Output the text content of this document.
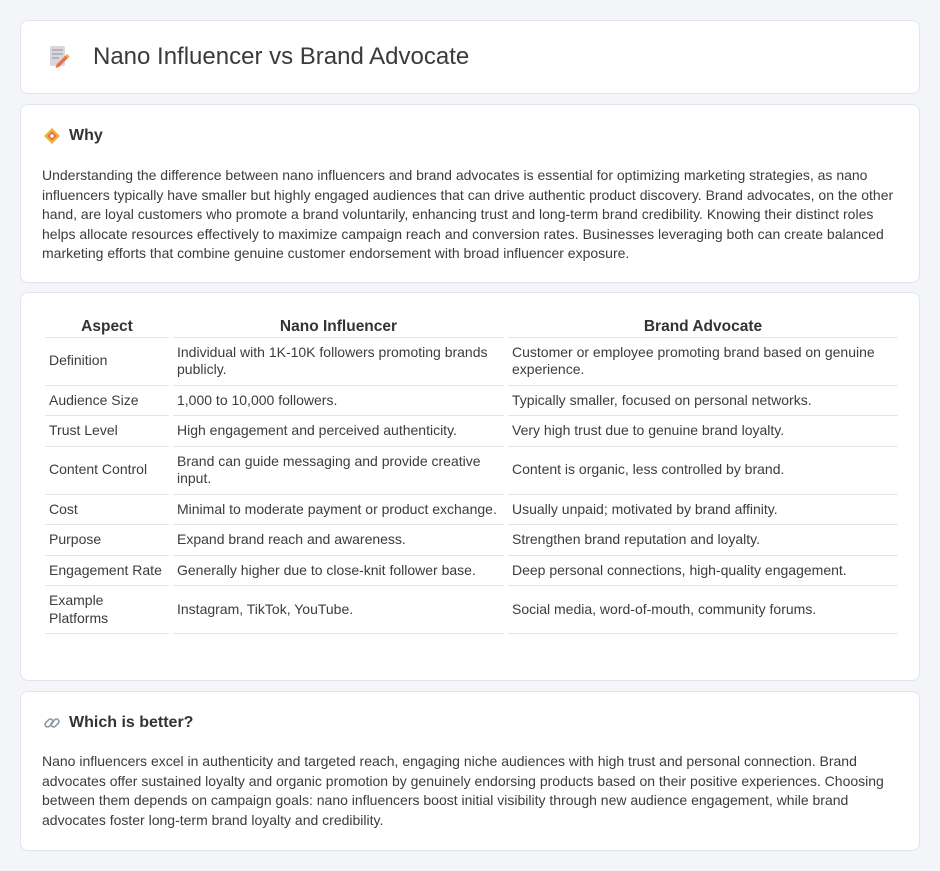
Nano Influencer vs Brand Advocate
Why

Understanding the difference between nano influencers and brand advocates is essential for optimizing marketing strategies, as nano influencers typically have smaller but highly engaged audiences that can drive authentic product discovery. Brand advocates, on the other hand, are loyal customers who promote a brand voluntarily, enhancing trust and long-term brand credibility. Knowing their distinct roles helps allocate resources effectively to maximize campaign reach and conversion rates. Businesses leveraging both can create balanced marketing efforts that combine genuine customer endorsement with broad influencer exposure.

Aspect	Nano Influencer	Brand Advocate
Definition	Individual with 1K-10K followers promoting brands publicly.	Customer or employee promoting brand based on genuine experience.
Audience Size	1,000 to 10,000 followers.	Typically smaller, focused on personal networks.
Trust Level	High engagement and perceived authenticity.	Very high trust due to genuine brand loyalty.
Content Control	Brand can guide messaging and provide creative input.	Content is organic, less controlled by brand.
Cost	Minimal to moderate payment or product exchange.	Usually unpaid; motivated by brand affinity.
Purpose	Expand brand reach and awareness.	Strengthen brand reputation and loyalty.
Engagement Rate	Generally higher due to close-knit follower base.	Deep personal connections, high-quality engagement.
Example Platforms	Instagram, TikTok, YouTube.	Social media, word-of-mouth, community forums.
Which is better?

Nano influencers excel in authenticity and targeted reach, engaging niche audiences with high trust and personal connection. Brand advocates offer sustained loyalty and organic promotion by genuinely endorsing products based on their positive experiences. Choosing between them depends on campaign goals: nano influencers boost initial visibility through new audience engagement, while brand advocates foster long-term brand loyalty and credibility.
